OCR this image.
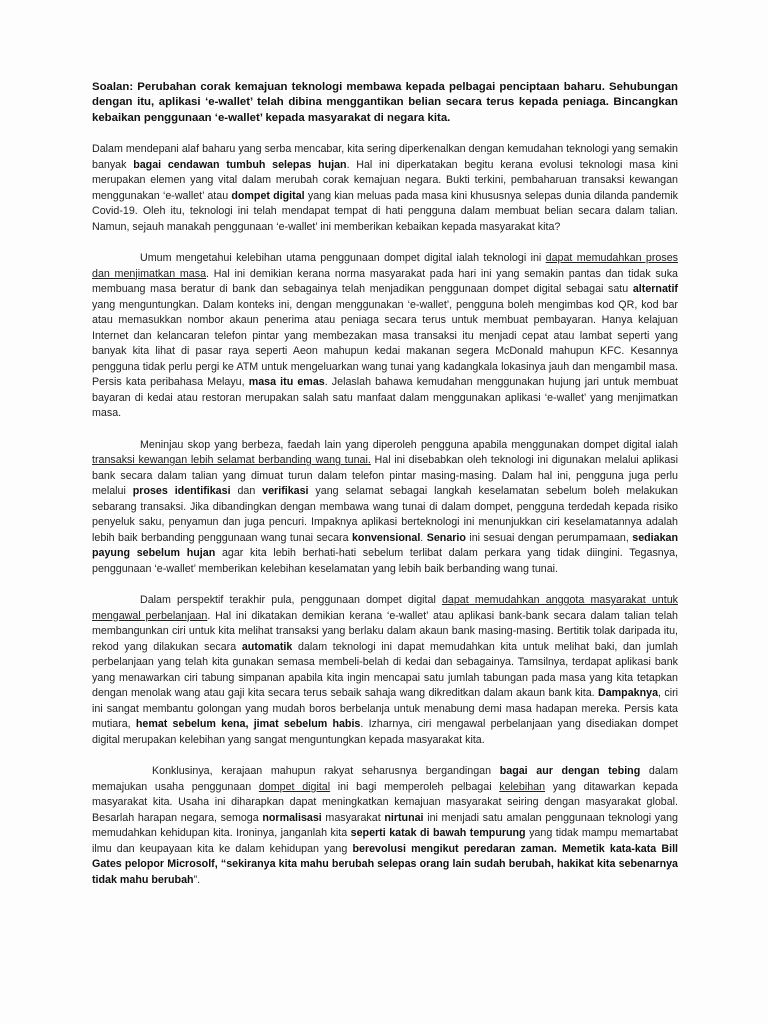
Soalan: Perubahan corak kemajuan teknologi membawa kepada pelbagai penciptaan baharu. Sehubungan dengan itu, aplikasi ‘e-wallet’ telah dibina menggantikan belian secara terus kepada peniaga. Bincangkan kebaikan penggunaan ‘e-wallet’ kepada masyarakat di negara kita.

Dalam mendepani alaf baharu yang serba mencabar, kita sering diperkenalkan dengan kemudahan teknologi yang semakin banyak bagai cendawan tumbuh selepas hujan. Hal ini diperkatakan begitu kerana evolusi teknologi masa kini merupakan elemen yang vital dalam merubah corak kemajuan negara. Bukti terkini, pembaharuan transaksi kewangan menggunakan ‘e-wallet’ atau dompet digital yang kian meluas pada masa kini khususnya selepas dunia dilanda pandemik Covid-19. Oleh itu, teknologi ini telah mendapat tempat di hati pengguna dalam membuat belian secara dalam talian. Namun, sejauh manakah penggunaan ‘e-wallet’ ini memberikan kebaikan kepada masyarakat kita?

Umum mengetahui kelebihan utama penggunaan dompet digital ialah teknologi ini dapat memudahkan proses dan menjimatkan masa. Hal ini demikian kerana norma masyarakat pada hari ini yang semakin pantas dan tidak suka membuang masa beratur di bank dan sebagainya telah menjadikan penggunaan dompet digital sebagai satu alternatif yang menguntungkan. Dalam konteks ini, dengan menggunakan ‘e-wallet’, pengguna boleh mengimbas kod QR, kod bar atau memasukkan nombor akaun penerima atau peniaga secara terus untuk membuat pembayaran. Hanya kelajuan Internet dan kelancaran telefon pintar yang membezakan masa transaksi itu menjadi cepat atau lambat seperti yang banyak kita lihat di pasar raya seperti Aeon mahupun kedai makanan segera McDonald mahupun KFC. Kesannya pengguna tidak perlu pergi ke ATM untuk mengeluarkan wang tunai yang kadangkala lokasinya jauh dan mengambil masa. Persis kata peribahasa Melayu, masa itu emas. Jelaslah bahawa kemudahan menggunakan hujung jari untuk membuat bayaran di kedai atau restoran merupakan salah satu manfaat dalam menggunakan aplikasi ‘e-wallet’ yang menjimatkan masa.

Meninjau skop yang berbeza, faedah lain yang diperoleh pengguna apabila menggunakan dompet digital ialah transaksi kewangan lebih selamat berbanding wang tunai. Hal ini disebabkan oleh teknologi ini digunakan melalui aplikasi bank secara dalam talian yang dimuat turun dalam telefon pintar masing-masing. Dalam hal ini, pengguna juga perlu melalui proses identifikasi dan verifikasi yang selamat sebagai langkah keselamatan sebelum boleh melakukan sebarang transaksi. Jika dibandingkan dengan membawa wang tunai di dalam dompet, pengguna terdedah kepada risiko penyeluk saku, penyamun dan juga pencuri. Impaknya aplikasi berteknologi ini menunjukkan ciri keselamatannya adalah lebih baik berbanding penggunaan wang tunai secara konvensional. Senario ini sesuai dengan perumpamaan, sediakan payung sebelum hujan agar kita lebih berhati-hati sebelum terlibat dalam perkara yang tidak diingini. Tegasnya, penggunaan ‘e-wallet’ memberikan kelebihan keselamatan yang lebih baik berbanding wang tunai.

Dalam perspektif terakhir pula, penggunaan dompet digital dapat memudahkan anggota masyarakat untuk mengawal perbelanjaan. Hal ini dikatakan demikian kerana ‘e-wallet’ atau aplikasi bank-bank secara dalam talian telah membangunkan ciri untuk kita melihat transaksi yang berlaku dalam akaun bank masing-masing. Bertitik tolak daripada itu, rekod yang dilakukan secara automatik dalam teknologi ini dapat memudahkan kita untuk melihat baki, dan jumlah perbelanjaan yang telah kita gunakan semasa membeli-belah di kedai dan sebagainya. Tamsilnya, terdapat aplikasi bank yang menawarkan ciri tabung simpanan apabila kita ingin mencapai satu jumlah tabungan pada masa yang kita tetapkan dengan menolak wang atau gaji kita secara terus sebaik sahaja wang dikreditkan dalam akaun bank kita. Dampaknya, ciri ini sangat membantu golongan yang mudah boros berbelanja untuk menabung demi masa hadapan mereka. Persis kata mutiara, hemat sebelum kena, jimat sebelum habis. Izharnya, ciri mengawal perbelanjaan yang disediakan dompet digital merupakan kelebihan yang sangat menguntungkan kepada masyarakat kita.

Konklusinya, kerajaan mahupun rakyat seharusnya bergandingan bagai aur dengan tebing dalam memajukan usaha penggunaan dompet digital ini bagi memperoleh pelbagai kelebihan yang ditawarkan kepada masyarakat kita. Usaha ini diharapkan dapat meningkatkan kemajuan masyarakat seiring dengan masyarakat global. Besarlah harapan negara, semoga normalisasi masyarakat nirtunai ini menjadi satu amalan penggunaan teknologi yang memudahkan kehidupan kita. Ironinya, janganlah kita seperti katak di bawah tempurung yang tidak mampu memartabat ilmu dan keupayaan kita ke dalam kehidupan yang berevolusi mengikut peredaran zaman. Memetik kata-kata Bill Gates pelopor Microsolf, “sekiranya kita mahu berubah selepas orang lain sudah berubah, hakikat kita sebenarnya tidak mahu berubah”.
